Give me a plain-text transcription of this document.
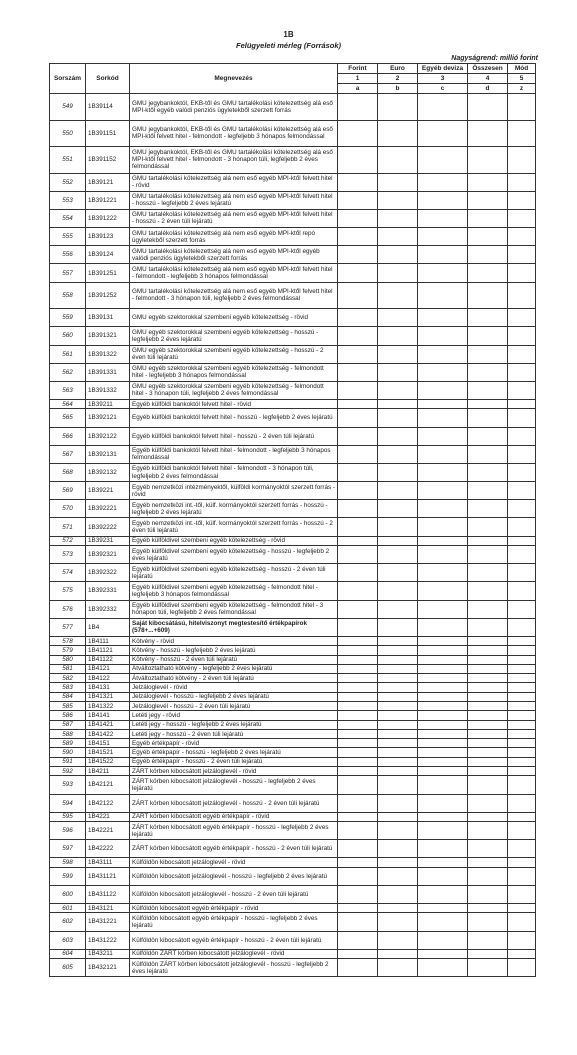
1B
Felügyeleti mérleg (Források)
Nagyságrend: millió forint
Sorszám	Sorkód	Megnevezés	Forint	Euro	Egyéb deviza	Összesen	Mód
			1	2	3	4	5
			a	b	c	d	z
549	1B39114	GMU jegybankoktól, EKB-től és GMU tartalékolási kötelezettség alá eső MPI-ktől egyéb valódi penziós ügyletekből szerzett forrás					
550	1B391151	GMU jegybankoktól, EKB-től és GMU tartalékolási kötelezettség alá eső MPI-ktől felvett hitel - felmondott - legfeljebb 3 hónapos felmondással					
551	1B391152	GMU jegybankoktól, EKB-től és GMU tartalékolási kötelezettség alá eső MPI-ktől felvett hitel - felmondott - 3 hónapon túli, legfeljebb 2 éves felmondással					
552	1B39121	GMU tartalékolási kötelezettség alá nem eső egyéb MPI-ktől felvett hitel - rövid					
553	1B391221	GMU tartalékolási kötelezettség alá nem eső egyéb MPI-ktől felvett hitel - hosszú - legfeljebb 2 éves lejáratú					
554	1B391222	GMU tartalékolási kötelezettség alá nem eső egyéb MPI-ktől felvett hitel - hosszú - 2 éven túli lejáratú					
555	1B39123	GMU tartalékolási kötelezettség alá nem eső egyéb MPI-ktől repó ügyletekből szerzett forrás					
556	1B39124	GMU tartalékolási kötelezettség alá nem eső egyéb MPI-ktől egyéb valódi penziós ügyletekből szerzett forrás					
557	1B391251	GMU tartalékolási kötelezettség alá nem eső egyéb MPI-ktől felvett hitel - felmondott - legfeljebb 3 hónapos felmondással					
558	1B391252	GMU tartalékolási kötelezettség alá nem eső egyéb MPI-ktől felvett hitel - felmondott - 3 hónapon túli, legfeljebb 2 éves felmondással					
559	1B39131	GMU egyéb szektorokkal szembeni egyéb kötelezettség - rövid					
560	1B391321	GMU egyéb szektorokkal szembeni egyéb kötelezettség - hosszú - legfeljebb 2 éves lejáratú					
561	1B391322	GMU egyéb szektorokkal szembeni egyéb kötelezettség - hosszú - 2 éven túli lejáratú					
562	1B391331	GMU egyéb szektorokkal szembeni egyéb kötelezettség - felmondott hitel - legfeljebb 3 hónapos felmondással					
563	1B391332	GMU egyéb szektorokkal szembeni egyéb kötelezettség - felmondott hitel - 3 hónapon túli, legfeljebb 2 éves felmondással					
564	1B39211	Egyéb külföldi bankoktól felvett hitel - rövid					
565	1B392121	Egyéb külföldi bankoktól felvett hitel - hosszú - legfeljebb 2 éves lejáratú					
566	1B392122	Egyéb külföldi bankoktól felvett hitel - hosszú - 2 éven túli lejáratú					
567	1B392131	Egyéb külföldi bankoktól felvett hitel - felmondott - legfeljebb 3 hónapos felmondással					
568	1B392132	Egyéb külföldi bankoktól felvett hitel - felmondott - 3 hónapon túli, legfeljebb 2 éves felmondással					
569	1B39221	Egyéb nemzetközi intézményektől, külföldi kormányoktól szerzett forrás - rövid					
570	1B392221	Egyéb nemzetközi int.-től, külf. kormányoktól szerzett forrás - hosszú - legfeljebb 2 éves lejáratú					
571	1B392222	Egyéb nemzetközi int.-től, külf. kormányoktól szerzett forrás - hosszú - 2 éven túli lejáratú					
572	1B39231	Egyéb külföldivel szembeni egyéb kötelezettség - rövid					
573	1B392321	Egyéb külföldivel szembeni egyéb kötelezettség - hosszú - legfeljebb 2 éves lejáratú					
574	1B392322	Egyéb külföldivel szembeni egyéb kötelezettség - hosszú - 2 éven túli lejáratú					
575	1B392331	Egyéb külföldivel szembeni egyéb kötelezettség - felmondott hitel - legfeljebb 3 hónapos felmondással					
576	1B392332	Egyéb külföldivel szembeni egyéb kötelezettség - felmondott hitel - 3 hónapon túli, legfeljebb 2 éves felmondással					
577	1B4	Saját kibocsátású, hitelviszonyt megtestesítő értékpapírok (578+...+609)					
578	1B4111	Kötvény - rövid					
579	1B41121	Kötvény - hosszú - legfeljebb 2 éves lejáratú					
580	1B41122	Kötvény - hosszú - 2 éven túli lejáratú					
581	1B4121	Átváltoztatható kötvény - legfeljebb 2 éves lejáratú					
582	1B4122	Átváltoztatható kötvény - 2 éven túli lejáratú					
583	1B4131	Jelzáloglevél - rövid					
584	1B41321	Jelzáloglevél - hosszú - legfeljebb 2 éves lejáratú					
585	1B41322	Jelzáloglevél - hosszú - 2 éven túli lejáratú					
586	1B4141	Letéti jegy - rövid					
587	1B41421	Letéti jegy - hosszú - legfeljebb 2 éves lejáratú					
588	1B41422	Letéti jegy - hosszú - 2 éven túli lejáratú					
589	1B4151	Egyéb értékpapír - rövid					
590	1B41521	Egyéb értékpapír - hosszú - legfeljebb 2 éves lejáratú					
591	1B41522	Egyéb értékpapír - hosszú - 2 éven túli lejáratú					
592	1B4211	ZÁRT körben kibocsátott jelzáloglevél - rövid					
593	1B42121	ZÁRT körben kibocsátott jelzáloglevél - hosszú - legfeljebb 2 éves lejáratú					
594	1B42122	ZÁRT körben kibocsátott jelzáloglevél - hosszú - 2 éven túli lejáratú					
595	1B4221	ZÁRT körben kibocsátott egyéb értékpapír - rövid					
596	1B42221	ZÁRT körben kibocsátott egyéb értékpapír - hosszú - legfeljebb 2 éves lejáratú					
597	1B42222	ZÁRT körben kibocsátott egyéb értékpapír - hosszú - 2 éven túli lejáratú					
598	1B43111	Külföldön kibocsátott jelzáloglevél - rövid					
599	1B431121	Külföldön kibocsátott jelzáloglevél - hosszú - legfeljebb 2 éves lejáratú					
600	1B431122	Külföldön kibocsátott jelzáloglevél - hosszú - 2 éven túli lejáratú					
601	1B43121	Külföldön kibocsátott egyéb értékpapír - rövid					
602	1B431221	Külföldön kibocsátott egyéb értékpapír - hosszú - legfeljebb 2 éves lejáratú					
603	1B431222	Külföldön kibocsátott egyéb értékpapír - hosszú - 2 éven túli lejáratú					
604	1B43211	Külföldön ZÁRT körben kibocsátott jelzáloglevél - rövid					
605	1B432121	Külföldön ZÁRT körben kibocsátott jelzáloglevél - hosszú - legfeljebb 2 éves lejáratú					
